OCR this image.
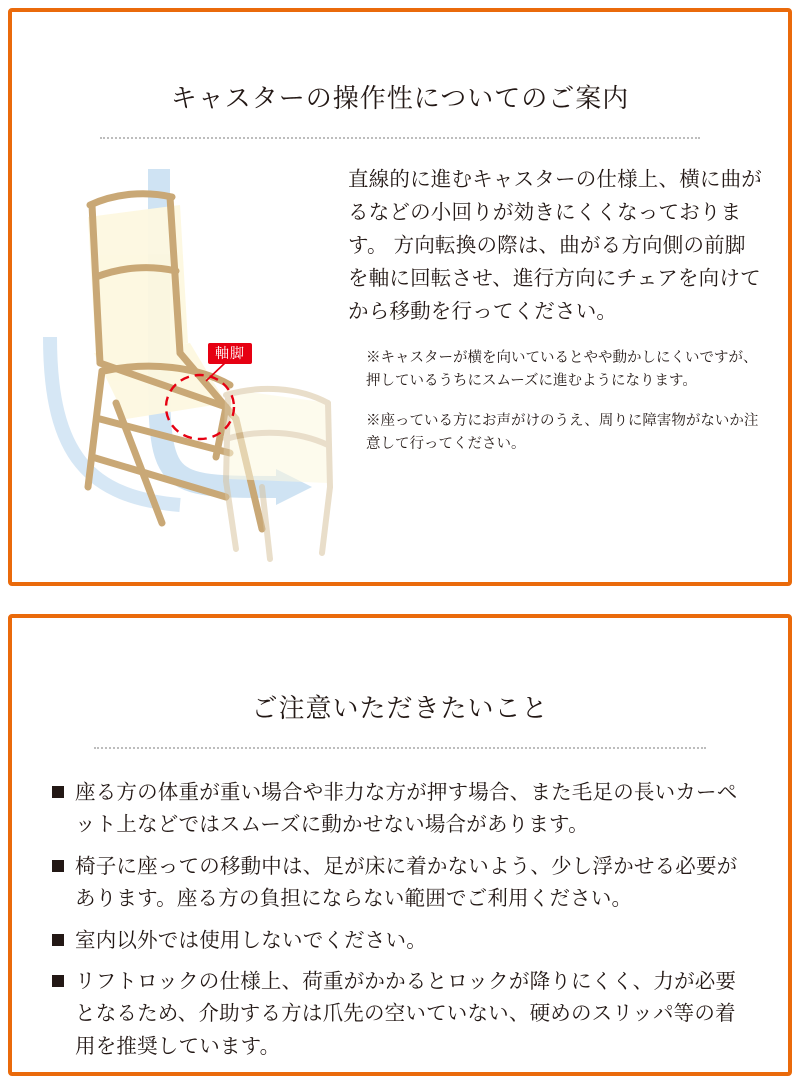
キャスターの操作性についてのご案内
軸脚

直線的に進むキャスターの仕様上、横に曲がるなどの小回りが効きにくくなっております。 方向転換の際は、曲がる方向側の前脚を軸に回転させ、進行方向にチェアを向けてから移動を行ってください。

※キャスターが横を向いているとやや動かしにくいですが、押しているうちにスムーズに進むようになります。

※座っている方にお声がけのうえ、周りに障害物がないか注意して行ってください。

ご注意いただきたいこと
座る方の体重が重い場合や非力な方が押す場合、また毛足の長いカーペット上などではスムーズに動かせない場合があります。
椅子に座っての移動中は、足が床に着かないよう、少し浮かせる必要があります。座る方の負担にならない範囲でご利用ください。
室内以外では使用しないでください。
リフトロックの仕様上、荷重がかかるとロックが降りにくく、力が必要となるため、介助する方は爪先の空いていない、硬めのスリッパ等の着用を推奨しています。
